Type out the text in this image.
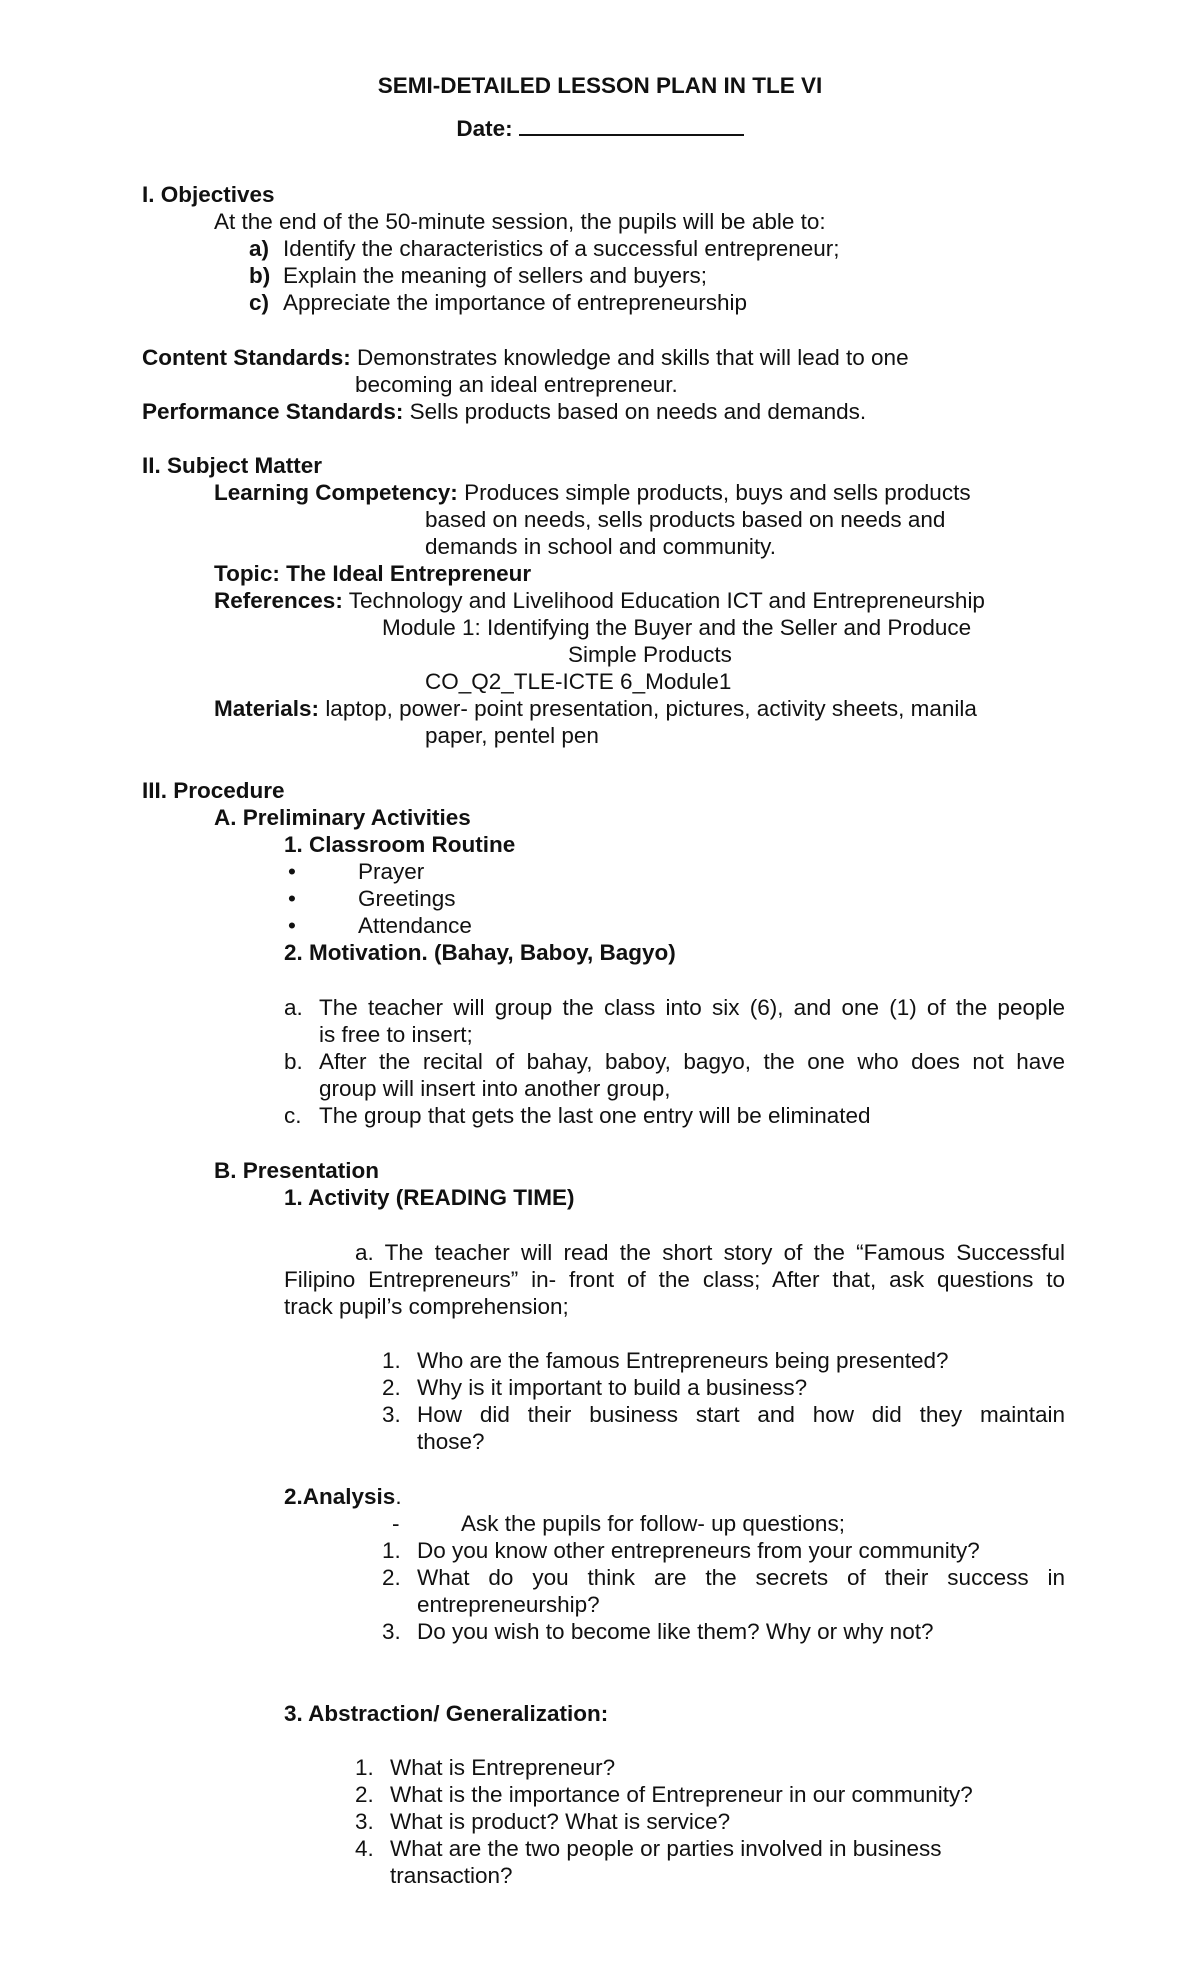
SEMI-DETAILED LESSON PLAN IN TLE VI
Date:
I. Objectives
At the end of the 50-minute session, the pupils will be able to:
a) Identify the characteristics of a successful entrepreneur;
b) Explain the meaning of sellers and buyers;
c) Appreciate the importance of entrepreneurship
Content Standards: Demonstrates knowledge and skills that will lead to one
becoming an ideal entrepreneur.
Performance Standards: Sells products based on needs and demands.
II. Subject Matter
Learning Competency: Produces simple products, buys and sells products
based on needs, sells products based on needs and
demands in school and community.
Topic: The Ideal Entrepreneur
References: Technology and Livelihood Education ICT and Entrepreneurship
Module 1: Identifying the Buyer and the Seller and Produce
Simple Products
CO_Q2_TLE-ICTE 6_Module1
Materials: laptop, power- point presentation, pictures, activity sheets, manila
paper, pentel pen
III. Procedure
A. Preliminary Activities
1. Classroom Routine
•	Prayer
•	Greetings
•	Attendance
2. Motivation. (Bahay, Baboy, Bagyo)
a. The teacher will group the class into six (6), and one (1) of the people
is free to insert;
b. After the recital of bahay, baboy, bagyo, the one who does not have
group will insert into another group,
c. The group that gets the last one entry will be eliminated
B. Presentation
1. Activity (READING TIME)
a. The teacher will read the short story of the “Famous Successful
Filipino Entrepreneurs” in- front of the class; After that, ask questions to
track pupil’s comprehension;
1. Who are the famous Entrepreneurs being presented?
2. Why is it important to build a business?
3. How did their business start and how did they maintain
those?
2.Analysis.
-	Ask the pupils for follow- up questions;
1. Do you know other entrepreneurs from your community?
2. What do you think are the secrets of their success in
entrepreneurship?
3. Do you wish to become like them? Why or why not?
3. Abstraction/ Generalization:
1. What is Entrepreneur?
2. What is the importance of Entrepreneur in our community?
3. What is product? What is service?
4. What are the two people or parties involved in business
transaction?
